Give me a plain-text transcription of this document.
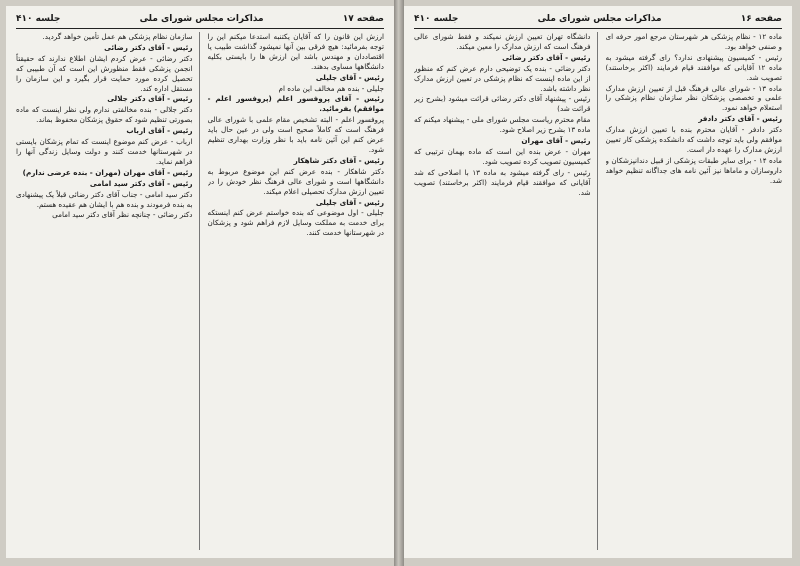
صفحه ۱۷
مذاکرات مجلس شورای ملی
جلسه ۴۱۰

ارزش این قانون را که آقایان یکتنبه استدعا میکنم این را توجه بفرمائید: هیچ فرقی بین آنها نمیشود گذاشت طبیب یا اقتصاددان و مهندس باشد این ارزش ها را بایستی بکلیه دانشگاهها مساوی بدهند.

رئیس - آقای جلیلی

جلیلی - بنده هم مخالف این ماده ام

رئیس - آقای پروفسور اعلم (پروفسور اعلم - موافقم) بفرمائید.

پروفسور اعلم - البته تشخیص مقام علمی با شورای عالی فرهنگ است که کاملاً صحیح است ولی در عین حال باید عرض کنم این آئین نامه باید با نظر وزارت بهداری تنظیم شود.

رئیس - آقای دکتر شاهکار

دکتر شاهکار - بنده عرض کنم این موضوع مربوط به دانشگاهها است و شورای عالی فرهنگ نظر خودش را در تعیین ارزش مدارک تحصیلی اعلام میکند.

رئیس - آقای جلیلی

جلیلی - اول موضوعی که بنده خواستم عرض کنم اینستکه برای خدمت به مملکت وسایل لازم فراهم شود و پزشکان در شهرستانها خدمت کنند.

سازمان نظام پزشکی هم عمل تأمین خواهد گردید.

رئیس - آقای دکتر رضائی

دکتر رضائی - عرض کردم ایشان اطلاع ندارند که حقیقتاً انجمن پزشکی فقط منظورش این است که آن طبیبی که تحصیل کرده مورد حمایت قرار بگیرد و این سازمان را مستقل اداره کند.

رئیس - آقای دکتر جلالی

دکتر جلالی - بنده مخالفتی ندارم ولی نظر اینست که ماده بصورتی تنظیم شود که حقوق پزشکان محفوظ بماند.

رئیس - آقای ارباب

ارباب - عرض کنم موضوع اینست که تمام پزشکان بایستی در شهرستانها خدمت کنند و دولت وسایل زندگی آنها را فراهم نماید.

رئیس - آقای مهران (مهران - بنده عرضی ندارم)

رئیس - آقای دکتر سید امامی

دکتر سید امامی - جناب آقای دکتر رضائی قبلاً یک پیشنهادی به بنده فرمودند و بنده هم با ایشان هم عقیده هستم.

دکتر رضائی - چنانچه نظر آقای دکتر سید امامی

صفحه ۱۶
مذاکرات مجلس شورای ملی
جلسه ۴۱۰

ماده ۱۲ - نظام پزشکی هر شهرستان مرجع امور حرفه ای و صنفی خواهد بود.

رئیس - کمیسیون پیشنهادی ندارد؟ رای گرفته میشود به ماده ۱۲ آقایانی که موافقند قیام فرمایند (اکثر برخاستند) تصویب شد.

ماده ۱۳ - شورای عالی فرهنگ قبل از تعیین ارزش مدارک علمی و تخصصی پزشکان نظر سازمان نظام پزشکی را استعلام خواهد نمود.

رئیس - آقای دکتر دادفر

دکتر دادفر - آقایان محترم بنده با تعیین ارزش مدارک موافقم ولی باید توجه داشت که دانشکده پزشکی کار تعیین ارزش مدارک را عهده دار است.

ماده ۱۴ - برای سایر طبقات پزشکی از قبیل دندانپزشکان و داروسازان و ماماها نیز آئین نامه های جداگانه تنظیم خواهد شد.

دانشگاه تهران تعیین ارزش نمیکند و فقط شورای عالی فرهنگ است که ارزش مدارک را معین میکند.

رئیس - آقای دکتر رضائی

دکتر رضائی - بنده یک توضیحی دارم عرض کنم که منظور از این ماده اینست که نظام پزشکی در تعیین ارزش مدارک نظر داشته باشد.

رئیس - پیشنهاد آقای دکتر رضائی قرائت میشود (بشرح زیر قرائت شد)

مقام محترم ریاست مجلس شورای ملی - پیشنهاد میکنم که ماده ۱۳ بشرح زیر اصلاح شود.

رئیس - آقای مهران

مهران - عرض بنده این است که ماده بهمان ترتیبی که کمیسیون تصویب کرده تصویب شود.

رئیس - رای گرفته میشود به ماده ۱۳ با اصلاحی که شد آقایانی که موافقند قیام فرمایند (اکثر برخاستند) تصویب شد.
